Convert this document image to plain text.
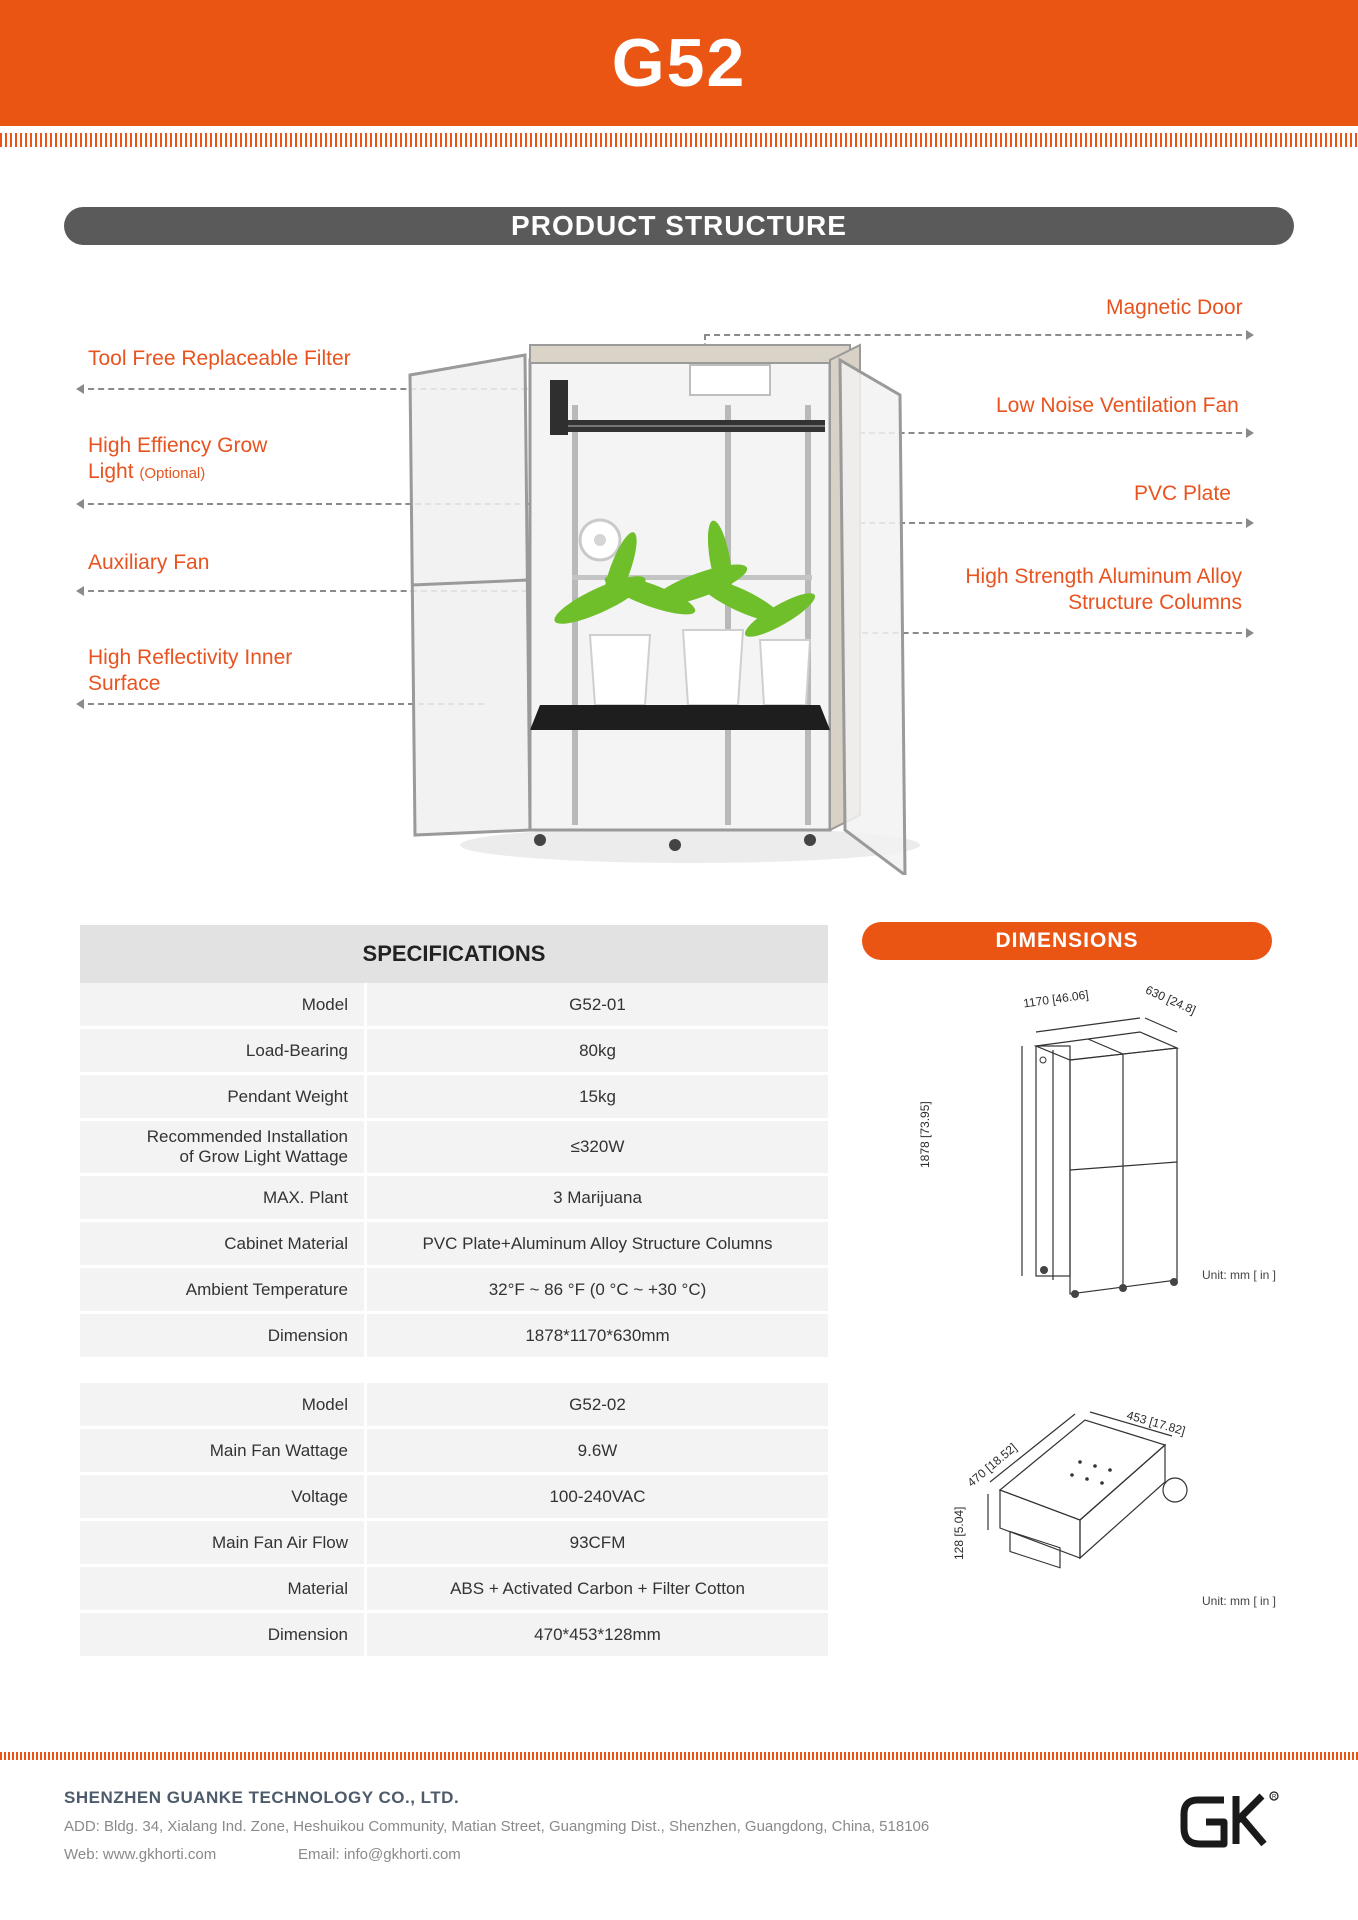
G52
PRODUCT STRUCTURE
Magnetic Door
Tool Free Replaceable Filter
Low Noise Ventilation Fan
High Effiency Grow
Light (Optional)
PVC Plate
Auxiliary Fan
High Strength Aluminum Alloy
Structure Columns
High Reflectivity Inner
Surface
SPECIFICATIONS
Model	G52-01
Load-Bearing	80kg
Pendant Weight	15kg

Recommended Installation
of Grow Light Wattage	≤320W
MAX. Plant	3 Marijuana
Cabinet Material	PVC Plate+Aluminum Alloy Structure Columns
Ambient Temperature	32°F ~ 86 °F (0 °C ~ +30 °C)
Dimension	1878*1170*630mm
Model	G52-02
Main Fan Wattage	9.6W
Voltage	100-240VAC
Main Fan Air Flow	93CFM
Material	ABS + Activated Carbon + Filter Cotton
Dimension	470*453*128mm
DIMENSIONS
1170 [46.06]	630 [24.8]
1878 [73.95]
Unit: mm [ in ]
453 [17.82]
470 [18.52]
128 [5.04]
Unit: mm [ in ]
SHENZHEN GUANKE TECHNOLOGY CO., LTD.
ADD: Bldg. 34, Xialang Ind. Zone, Heshuikou Community, Matian Street, Guangming Dist., Shenzhen, Guangdong, China, 518106
Web: www.gkhorti.com	Email: info@gkhorti.com
R
